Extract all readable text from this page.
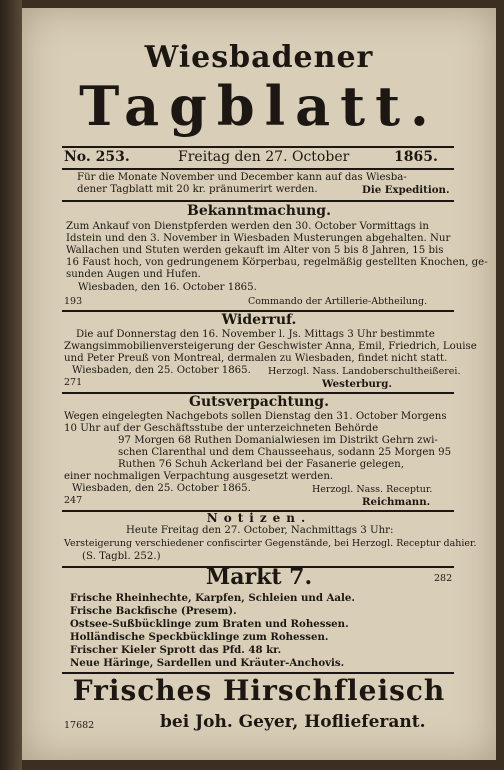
Wiesbadener
Tagblatt.
No. 253.	Freitag den 27. October	1865.
Für die Monate November und December kann auf das Wiesba-
dener Tagblatt mit 20 kr. pränumerirt werden.	Die Expedition.
Bekanntmachung.
Zum Ankauf von Dienstpferden werden den 30. October Vormittags in
Idstein und den 3. November in Wiesbaden Musterungen abgehalten. Nur
Wallachen und Stuten werden gekauft im Alter von 5 bis 8 Jahren, 15 bis
16 Faust hoch, von gedrungenem Körperbau, regelmäßig gestellten Knochen, ge-
sunden Augen und Hufen.
Wiesbaden, den 16. October 1865.
193	Commando der Artillerie-Abtheilung.
Widerruf.
Die auf Donnerstag den 16. November l. Js. Mittags 3 Uhr bestimmte
Zwangsimmobilienversteigerung der Geschwister Anna, Emil, Friedrich, Louise
und Peter Preuß von Montreal, dermalen zu Wiesbaden, findet nicht statt.
Wiesbaden, den 25. October 1865. Herzogl. Nass. Landoberschultheißerei.
271	Westerburg.
Gutsverpachtung.
Wegen eingelegten Nachgebots sollen Dienstag den 31. October Morgens
10 Uhr auf der Geschäftsstube der unterzeichneten Behörde
97 Morgen 68 Ruthen Domanialwiesen im Distrikt Gehrn zwi-
schen Clarenthal und dem Chausseehaus, sodann 25 Morgen 95
Ruthen 76 Schuh Ackerland bei der Fasanerie gelegen,
einer nochmaligen Verpachtung ausgesetzt werden.
Wiesbaden, den 25. October 1865.	Herzogl. Nass. Receptur.
247	Reichmann.
Notizen.
Heute Freitag den 27. October, Nachmittags 3 Uhr:
Versteigerung verschiedener confiscirter Gegenstände, bei Herzogl. Receptur dahier.
(S. Tagbl. 252.)
Markt 7.	282
Frische Rheinhechte, Karpfen, Schleien und Aale.
Frische Backfische (Presem).
Ostsee-Sußbücklinge zum Braten und Rohessen.
Holländische Speckbücklinge zum Rohessen.
Frischer Kieler Sprott das Pfd. 48 kr.
Neue Häringe, Sardellen und Kräuter-Anchovis.
Frisches Hirschfleisch
17682	bei Joh. Geyer, Hoflieferant.
